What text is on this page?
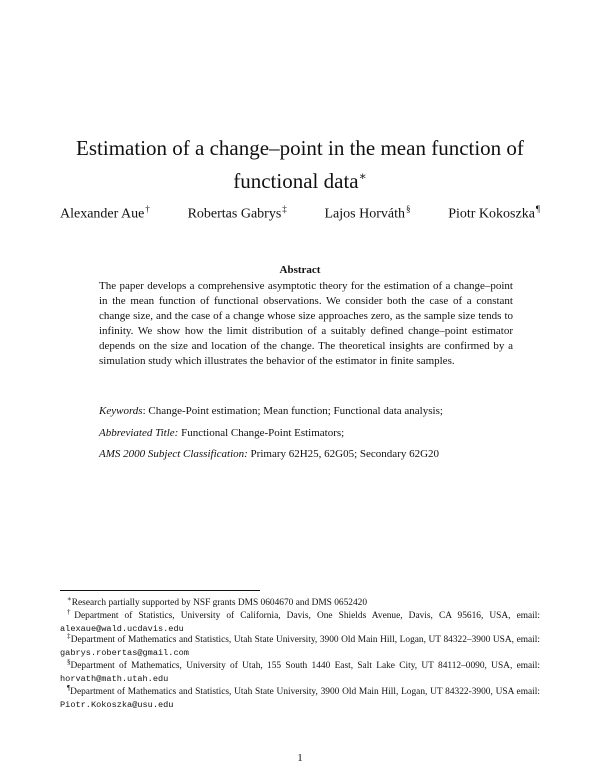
Estimation of a change–point in the mean function of
functional data∗
Alexander Aue†	Robertas Gabrys‡	Lajos Horváth§	Piotr Kokoszka¶
Abstract
The paper develops a comprehensive asymptotic theory for the estimation of a change–point in the mean function of functional observations. We consider both the case of a constant change size, and the case of a change whose size approaches zero, as the sample size tends to infinity. We show how the limit distribution of a suitably defined change–point estimator depends on the size and location of the change. The theoretical insights are confirmed by a simulation study which illustrates the behavior of the estimator in finite samples.
Keywords: Change-Point estimation; Mean function; Functional data analysis;
Abbreviated Title: Functional Change-Point Estimators;
AMS 2000 Subject Classification: Primary 62H25, 62G05; Secondary 62G20
∗Research partially supported by NSF grants DMS 0604670 and DMS 0652420
†Department of Statistics, University of California, Davis, One Shields Avenue, Davis, CA 95616, USA, email: alexaue@wald.ucdavis.edu
‡Department of Mathematics and Statistics, Utah State University, 3900 Old Main Hill, Logan, UT 84322–3900 USA, email: gabrys.robertas@gmail.com
§Department of Mathematics, University of Utah, 155 South 1440 East, Salt Lake City, UT 84112–0090, USA, email: horvath@math.utah.edu
¶Department of Mathematics and Statistics, Utah State University, 3900 Old Main Hill, Logan, UT 84322-3900, USA email: Piotr.Kokoszka@usu.edu
1
